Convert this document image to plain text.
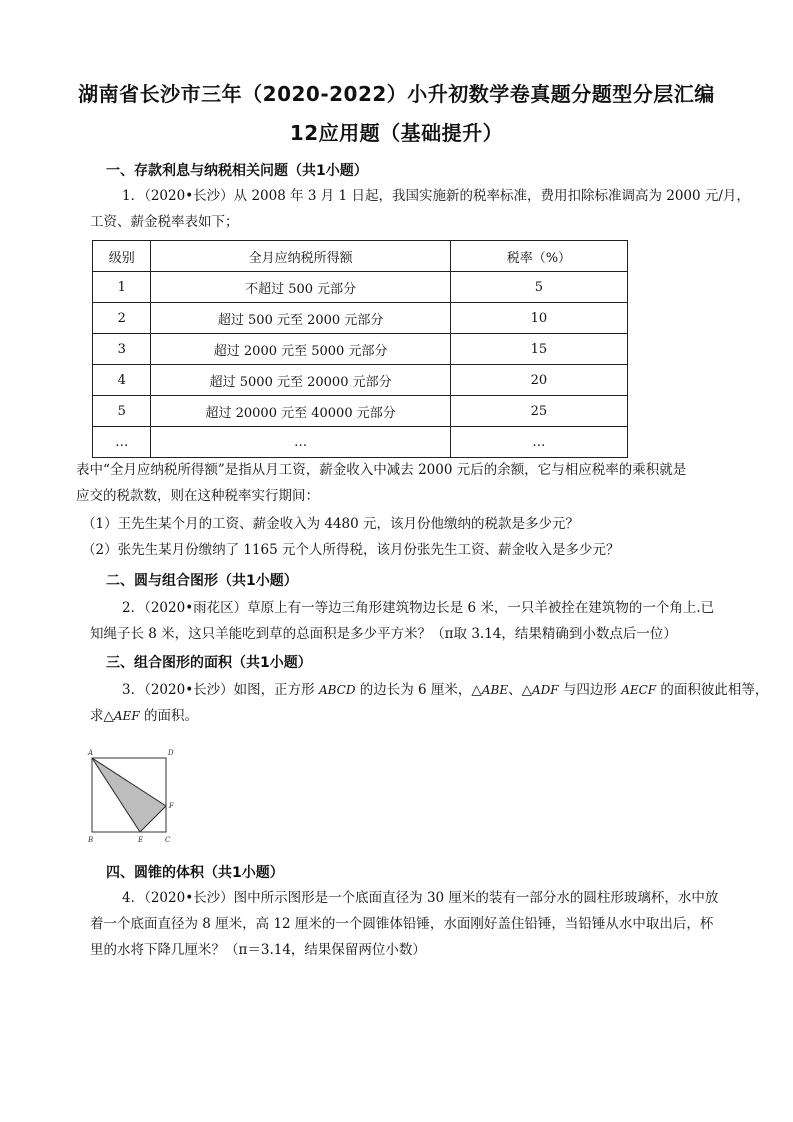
湖南省长沙市三年（2020-2022）小升初数学卷真题分题型分层汇编
12应用题（基础提升）
一、存款利息与纳税相关问题（共1小题）
1．（2020•长沙）从 2008 年 3 月 1 日起，我国实施新的税率标准，费用扣除标准调高为 2000 元/月，
工资、薪金税率表如下；
级别	全月应纳税所得额	税率（%）
1	不超过 500 元部分	5
2	超过 500 元至 2000 元部分	10
3	超过 2000 元至 5000 元部分	15
4	超过 5000 元至 20000 元部分	20
5	超过 20000 元至 40000 元部分	25
…	…	…
表中“全月应纳税所得额”是指从月工资，薪金收入中减去 2000 元后的余额，它与相应税率的乘积就是
应交的税款数，则在这种税率实行期间：
（1）王先生某个月的工资、薪金收入为 4480 元，该月份他缴纳的税款是多少元？
（2）张先生某月份缴纳了 1165 元个人所得税，该月份张先生工资、薪金收入是多少元？
二、圆与组合图形（共1小题）
2．（2020•雨花区）草原上有一等边三角形建筑物边长是 6 米，一只羊被拴在建筑物的一个角上.已
知绳子长 8 米，这只羊能吃到草的总面积是多少平方米？（π取 3.14，结果精确到小数点后一位）
三、组合图形的面积（共1小题）
3．（2020•长沙）如图，正方形 ABCD 的边长为 6 厘米，△ABE、△ADF 与四边形 AECF 的面积彼此相等，
求△AEF 的面积。
A	D
F
B	E	C
四、圆锥的体积（共1小题）
4．（2020•长沙）图中所示图形是一个底面直径为 30 厘米的装有一部分水的圆柱形玻璃杯，水中放
着一个底面直径为 8 厘米，高 12 厘米的一个圆锥体铅锤，水面刚好盖住铅锤，当铅锤从水中取出后，杯
里的水将下降几厘米？（π＝3.14，结果保留两位小数）
